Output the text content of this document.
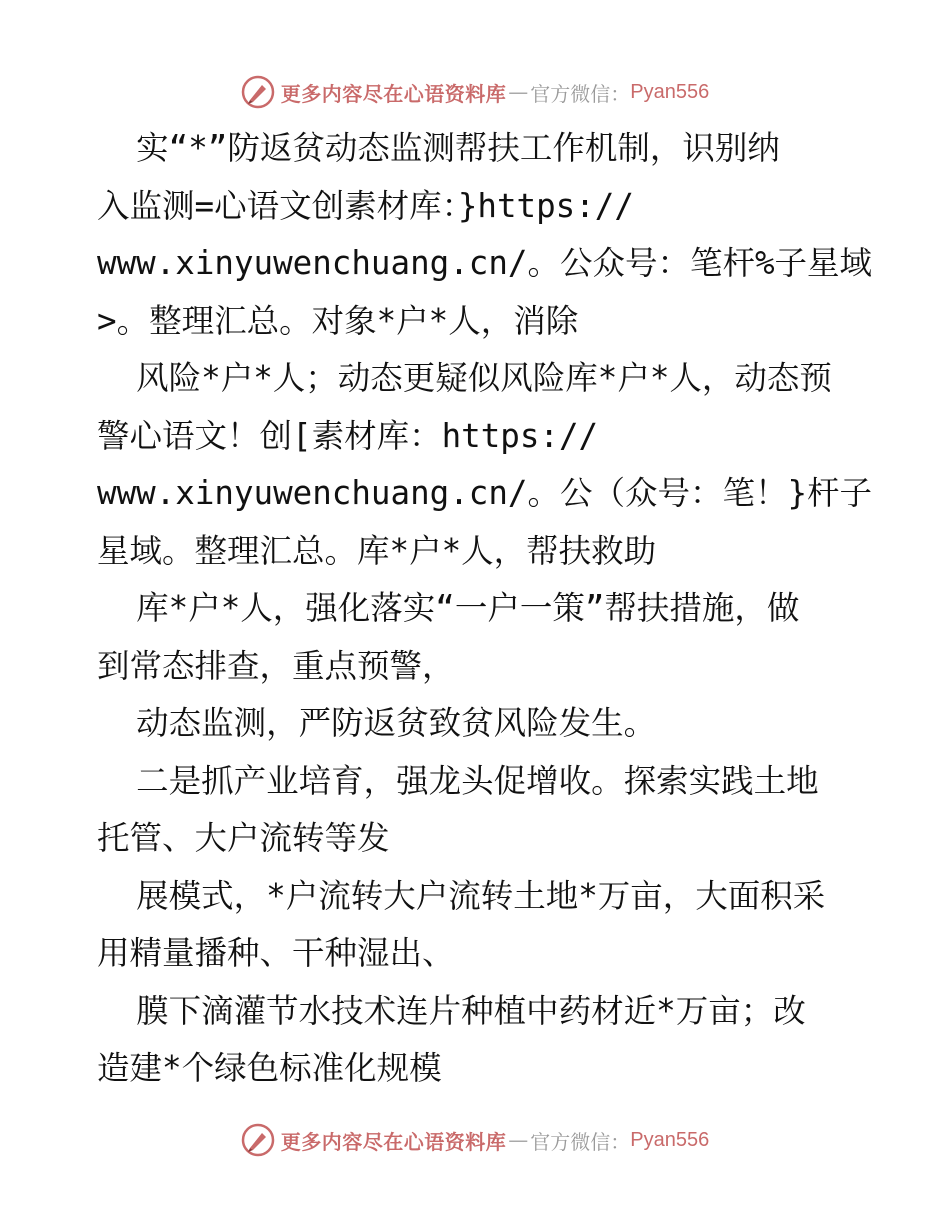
更多内容尽在心语资料库 — 官方微信： Pyan556
实“*”防返贫动态监测帮扶工作机制，识别纳
入监测=心语文创素材库：}https://
www.xinyuwenchuang.cn/。公众号：笔杆%子星域
>。整理汇总。对象*户*人，消除
风险*户*人；动态更疑似风险库*户*人，动态预
警心语文！创[素材库：https://
www.xinyuwenchuang.cn/。公（众号：笔！}杆子
星域。整理汇总。库*户*人，帮扶救助
库*户*人，强化落实“一户一策”帮扶措施，做
到常态排查，重点预警，
动态监测，严防返贫致贫风险发生。
二是抓产业培育，强龙头促增收。探索实践土地
托管、大户流转等发
展模式，*户流转大户流转土地*万亩，大面积采
用精量播种、干种湿出、
膜下滴灌节水技术连片种植中药材近*万亩；改
造建*个绿色标准化规模
更多内容尽在心语资料库 — 官方微信： Pyan556
